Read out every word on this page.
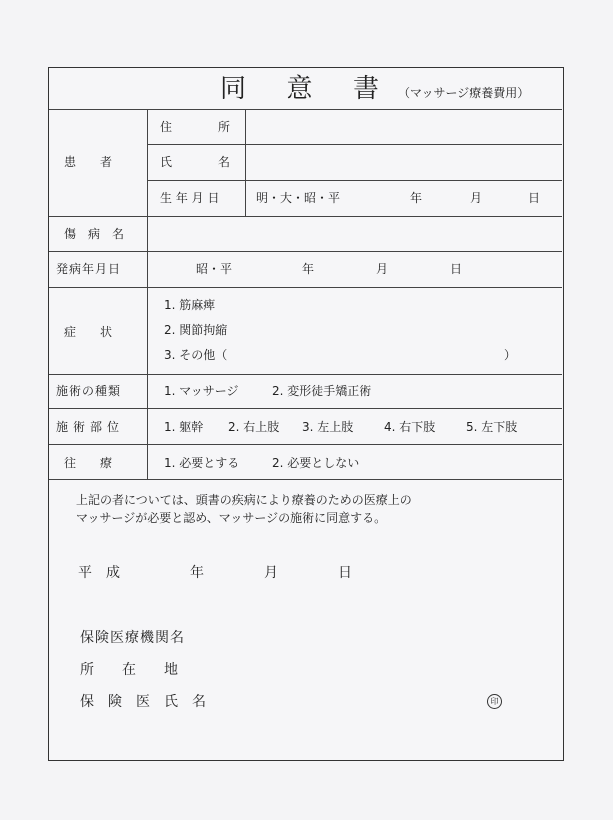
同 意 書 （マッサージ療養費用）
患　　者
住	所
氏	名
生 年 月 日	明・大・昭・平	年	月	日
傷　病　名
発病年月日	昭・平	年	月	日
症　　状
1. 筋麻痺
2. 関節拘縮
3. その他（	）
施術の種類	1. マッサージ	2. 変形徒手矯正術
施術部位	1. 躯幹 2. 右上肢 3. 左上肢	4. 右下肢	5. 左下肢
往　　療	1. 必要とする	2. 必要としない
上記の者については、頭書の疾病により療養のための医療上の
マッサージが必要と認め、マッサージの施術に同意する。
平　成	年	月	日
保険医療機関名
所　　在　　地
保　険　医　氏　名	印
